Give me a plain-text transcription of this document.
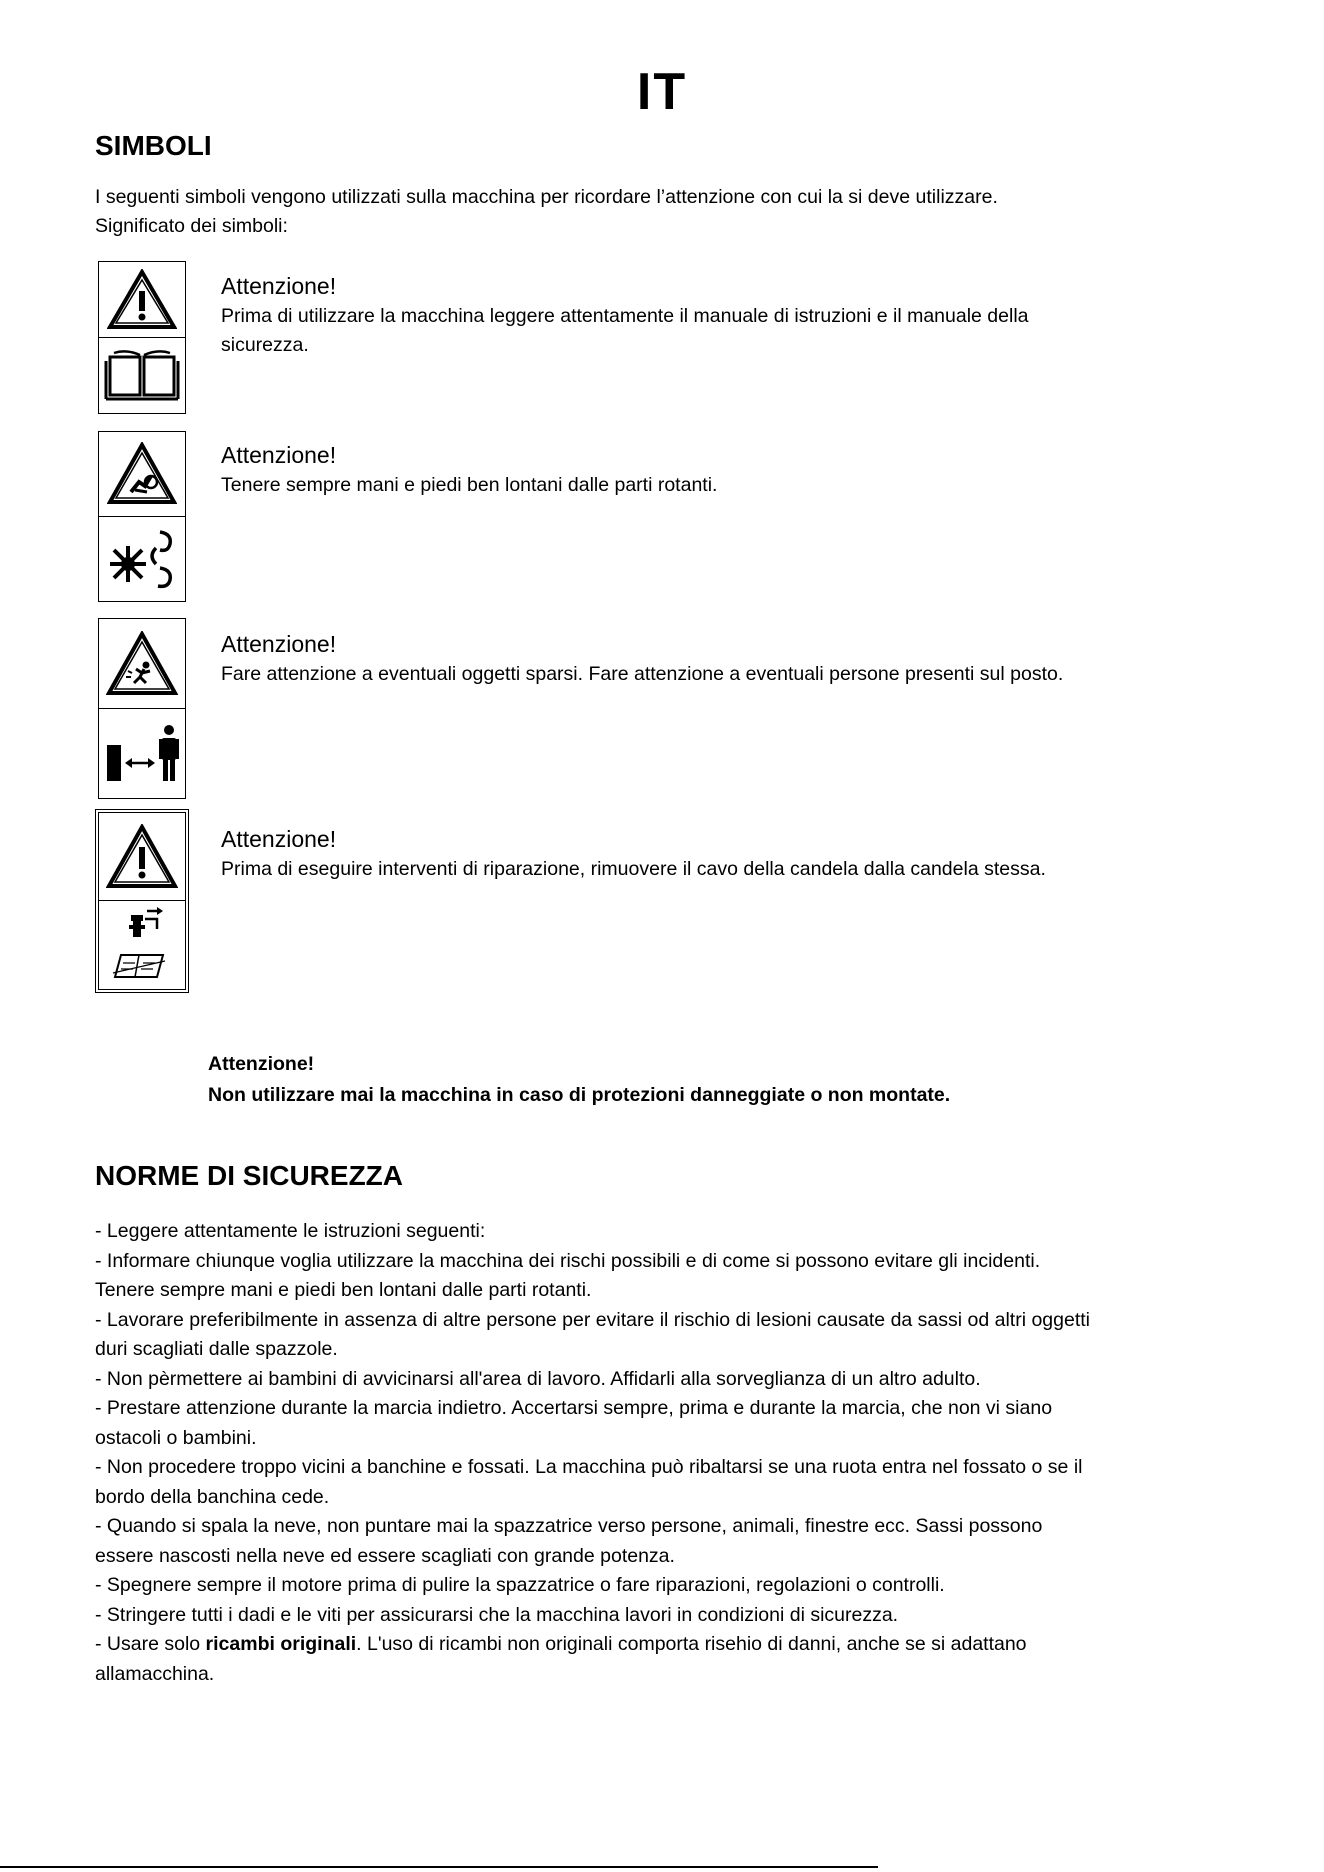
IT
SIMBOLI
I seguenti simboli vengono utilizzati sulla macchina per ricordare l’attenzione con cui la si deve utilizzare.
Significato dei simboli:
Attenzione!
Prima di utilizzare la macchina leggere attentamente il manuale di istruzioni e il manuale della
sicurezza.
Attenzione!
Tenere sempre mani e piedi ben lontani dalle parti rotanti.
Attenzione!
Fare attenzione a eventuali oggetti sparsi. Fare attenzione a eventuali persone presenti sul posto.
Attenzione!
Prima di eseguire interventi di riparazione, rimuovere il cavo della candela dalla candela stessa.
Attenzione!
Non utilizzare mai la macchina in caso di protezioni danneggiate o non montate.
NORME DI SICUREZZA
- Leggere attentamente le istruzioni seguenti:
- Informare chiunque voglia utilizzare la macchina dei rischi possibili e di come si possono evitare gli incidenti.
Tenere sempre mani e piedi ben lontani dalle parti rotanti.
- Lavorare preferibilmente in assenza di altre persone per evitare il rischio di lesioni causate da sassi od altri oggetti
duri scagliati dalle spazzole.
- Non pèrmettere ai bambini di avvicinarsi all'area di lavoro. Affidarli alla sorveglianza di un altro adulto.
- Prestare attenzione durante la marcia indietro. Accertarsi sempre, prima e durante la marcia, che non vi siano
ostacoli o bambini.
- Non procedere troppo vicini a banchine e fossati. La macchina può ribaltarsi se una ruota entra nel fossato o se il
bordo della banchina cede.
- Quando si spala la neve, non puntare mai la spazzatrice verso persone, animali, finestre ecc. Sassi possono
essere nascosti nella neve ed essere scagliati con grande potenza.
- Spegnere sempre il motore prima di pulire la spazzatrice o fare riparazioni, regolazioni o controlli.
- Stringere tutti i dadi e le viti per assicurarsi che la macchina lavori in condizioni di sicurezza.
- Usare solo ricambi originali. L'uso di ricambi non originali comporta risehio di danni, anche se si adattano
allamacchina.
